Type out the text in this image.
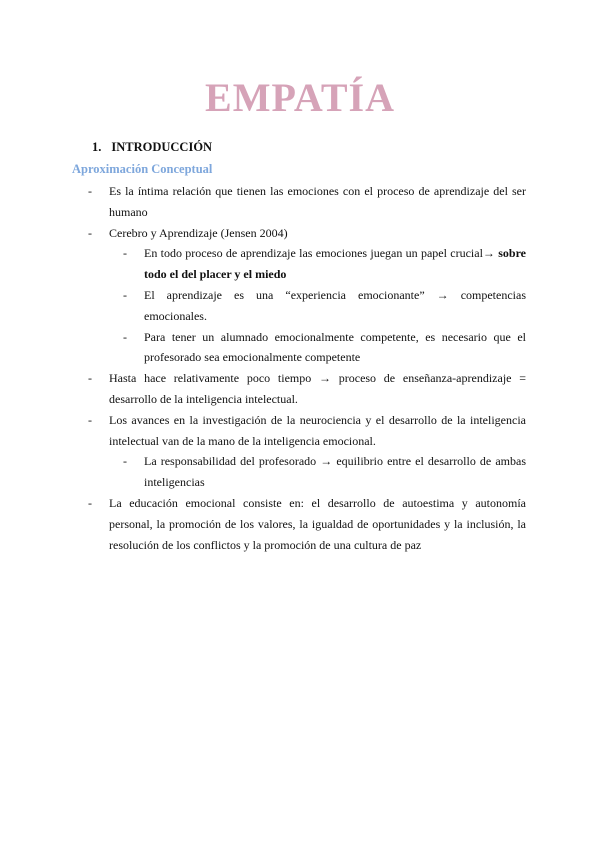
EMPATÍA
1. INTRODUCCIÓN
Aproximación Conceptual
- Es la íntima relación que tienen las emociones con el proceso de aprendizaje del ser humano
- Cerebro y Aprendizaje (Jensen 2004)
- En todo proceso de aprendizaje las emociones juegan un papel crucial→ sobre todo el del placer y el miedo
- El aprendizaje es una “experiencia emocionante” → competencias emocionales.
- Para tener un alumnado emocionalmente competente, es necesario que el profesorado sea emocionalmente competente
- Hasta hace relativamente poco tiempo → proceso de enseñanza-aprendizaje = desarrollo de la inteligencia intelectual.
- Los avances en la investigación de la neurociencia y el desarrollo de la inteligencia intelectual van de la mano de la inteligencia emocional.
- La responsabilidad del profesorado → equilibrio entre el desarrollo de ambas inteligencias
- La educación emocional consiste en: el desarrollo de autoestima y autonomía personal, la promoción de los valores, la igualdad de oportunidades y la inclusión, la resolución de los conflictos y la promoción de una cultura de paz
